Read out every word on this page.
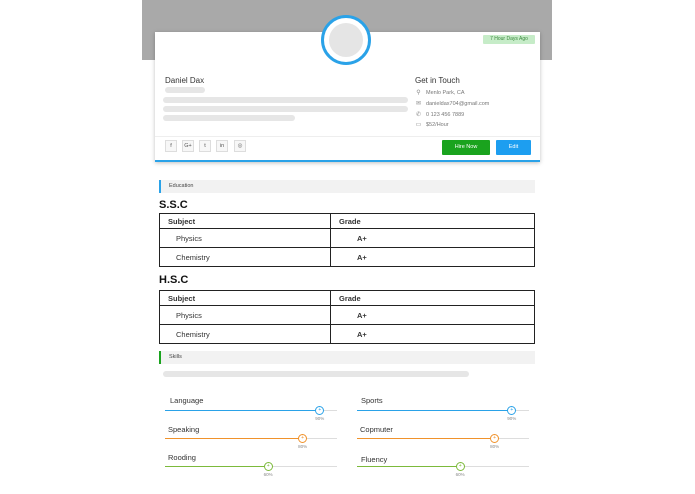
7 Hour Days Ago
Daniel Dax	Get in Touch
⚲ Menlo Park, CA
✉ danieldax704@gmail.com
✆ 0 123 456 7889
▭ $52/Hour
f	G+	t	in	◎	Hire Now	Edit
Education
S.S.C
Subject	Grade
Physics	A+
Chemistry	A+
H.S.C
Subject	Grade
Physics	A+
Chemistry	A+
Skills
Language
+
90%
Sports
+
90%
Speaking
+
80%
Copmuter
+
80%
Rooding
+
60%
Fluency
+
60%
